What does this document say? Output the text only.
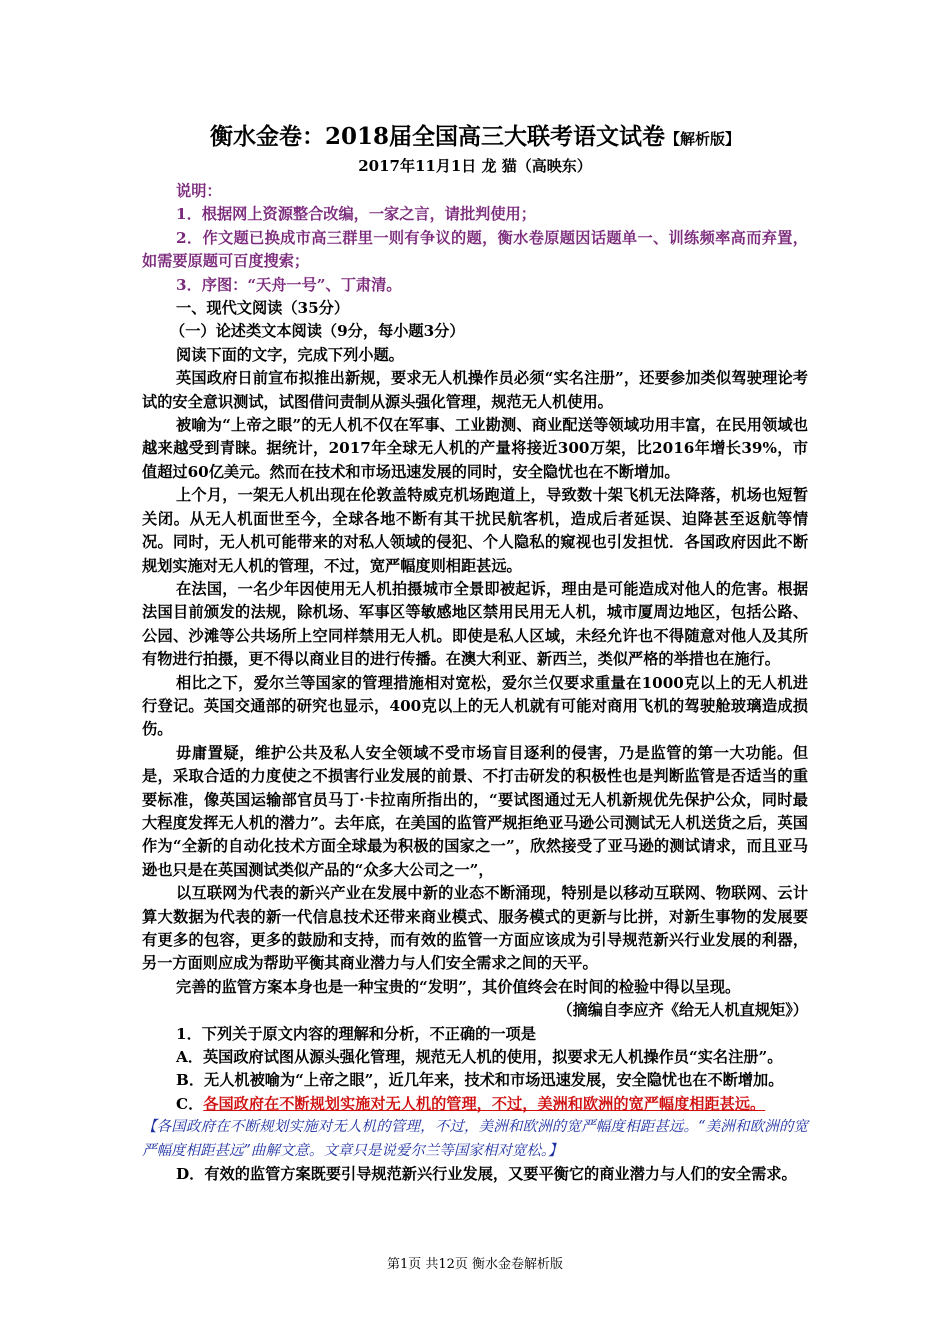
衡水金卷：2018届全国高三大联考语文试卷【解析版】

2017年11月1日 龙 猫（高映东）

说明：

1．根据网上资源整合改编，一家之言，请批判使用；

2．作文题已换成市高三群里一则有争议的题，衡水卷原题因话题单一、训练频率高而弃置，如需要原题可百度搜索；

3．序图：“天舟一号”、丁肃清。

一、现代文阅读（35分）

（一）论述类文本阅读（9分，每小题3分）

阅读下面的文字，完成下列小题。

英国政府日前宣布拟推出新规，要求无人机操作员必须“实名注册”，还要参加类似驾驶理论考试的安全意识测试，试图借问责制从源头强化管理，规范无人机使用。

被喻为“上帝之眼”的无人机不仅在军事、工业勘测、商业配送等领域功用丰富，在民用领域也越来越受到青睐。据统计，2017年全球无人机的产量将接近300万架，比2016年增长39%，市值超过60亿美元。然而在技术和市场迅速发展的同时，安全隐忧也在不断增加。

上个月，一架无人机出现在伦敦盖特威克机场跑道上，导致数十架飞机无法降落，机场也短暂关闭。从无人机面世至今，全球各地不断有其干扰民航客机，造成后者延误、迫降甚至返航等情况。同时，无人机可能带来的对私人领域的侵犯、个人隐私的窥视也引发担忧．各国政府因此不断规划实施对无人机的管理，不过，宽严幅度则相距甚远。

在法国，一名少年因使用无人机拍摄城市全景即被起诉，理由是可能造成对他人的危害。根据法国目前颁发的法规，除机场、军事区等敏感地区禁用民用无人机，城市厦周边地区，包括公路、公园、沙滩等公共场所上空同样禁用无人机。即使是私人区域，未经允许也不得随意对他人及其所有物进行拍摄，更不得以商业目的进行传播。在澳大利亚、新西兰，类似严格的举措也在施行。

相比之下，爱尔兰等国家的管理措施相对宽松，爱尔兰仅要求重量在1000克以上的无人机进行登记。英国交通部的研究也显示，400克以上的无人机就有可能对商用飞机的驾驶舱玻璃造成损伤。

毋庸置疑，维护公共及私人安全领域不受市场盲目逐利的侵害，乃是监管的第一大功能。但是，采取合适的力度使之不损害行业发展的前景、不打击研发的积极性也是判断监管是否适当的重要标准，像英国运输部官员马丁·卡拉南所指出的，“要试图通过无人机新规优先保护公众，同时最大程度发挥无人机的潜力”。去年底，在美国的监管严规拒绝亚马逊公司测试无人机送货之后，英国作为“全新的自动化技术方面全球最为积极的国家之一”，欣然接受了亚马逊的测试请求，而且亚马逊也只是在英国测试类似产品的“众多大公司之一”，

以互联网为代表的新兴产业在发展中新的业态不断涌现，特别是以移动互联网、物联网、云计算大数据为代表的新一代信息技术还带来商业模式、服务模式的更新与比拼，对新生事物的发展要有更多的包容，更多的鼓励和支持，而有效的监管一方面应该成为引导规范新兴行业发展的利器，另一方面则应成为帮助平衡其商业潜力与人们安全需求之间的天平。

完善的监管方案本身也是一种宝贵的“发明”，其价值终会在时间的检验中得以呈现。

（摘编自李应齐《给无人机直规矩》）

1．下列关于原文内容的理解和分析，不正确的一项是

A．英国政府试图从源头强化管理，规范无人机的使用，拟要求无人机操作员“实名注册”。

B．无人机被喻为“上帝之眼”，近几年来，技术和市场迅速发展，安全隐忧也在不断增加。

C．各国政府在不断规划实施对无人机的管理，不过，美洲和欧洲的宽严幅度相距甚远。

【各国政府在不断规划实施对无人机的管理，不过，美洲和欧洲的宽严幅度相距甚远。“美洲和欧洲的宽严幅度相距甚远”曲解文意。文章只是说爱尔兰等国家相对宽松。】

D．有效的监管方案既要引导规范新兴行业发展，又要平衡它的商业潜力与人们的安全需求。

第1页 共12页 衡水金卷解析版
